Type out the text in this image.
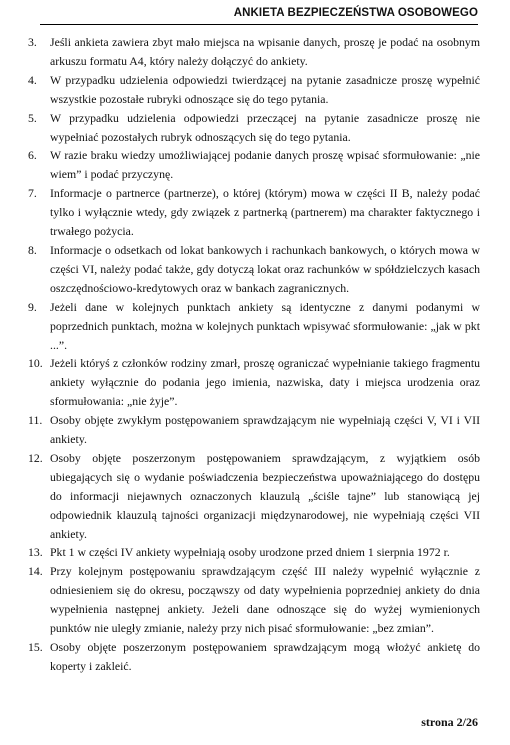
ANKIETA BEZPIECZEŃSTWA OSOBOWEGO
3.	Jeśli ankieta zawiera zbyt mało miejsca na wpisanie danych, proszę je podać na osobnym arkuszu formatu A4, który należy dołączyć do ankiety.
4.	W przypadku udzielenia odpowiedzi twierdzącej na pytanie zasadnicze proszę wypełnić wszystkie pozostałe rubryki odnoszące się do tego pytania.
5.	W przypadku udzielenia odpowiedzi przeczącej na pytanie zasadnicze proszę nie wypełniać pozostałych rubryk odnoszących się do tego pytania.
6.	W razie braku wiedzy umożliwiającej podanie danych proszę wpisać sformułowanie: „nie wiem” i podać przyczynę.
7.	Informacje o partnerce (partnerze), o której (którym) mowa w części II B, należy podać tylko i wyłącznie wtedy, gdy związek z partnerką (partnerem) ma charakter faktycznego i trwałego pożycia.
8.	Informacje o odsetkach od lokat bankowych i rachunkach bankowych, o których mowa w części VI, należy podać także, gdy dotyczą lokat oraz rachunków w spółdzielczych kasach oszczędnościowo-kredytowych oraz w bankach zagranicznych.
9.	Jeżeli dane w kolejnych punktach ankiety są identyczne z danymi podanymi w poprzednich punktach, można w kolejnych punktach wpisywać sformułowanie: „jak w pkt ...”.
10. Jeżeli któryś z członków rodziny zmarł, proszę ograniczać wypełnianie takiego fragmentu ankiety wyłącznie do podania jego imienia, nazwiska, daty i miejsca urodzenia oraz sformułowania: „nie żyje”.
11. Osoby objęte zwykłym postępowaniem sprawdzającym nie wypełniają części V, VI i VII ankiety.
12. Osoby objęte poszerzonym postępowaniem sprawdzającym, z wyjątkiem osób ubiegających się o wydanie poświadczenia bezpieczeństwa upoważniającego do dostępu do informacji niejawnych oznaczonych klauzulą „ściśle tajne” lub stanowiącą jej odpowiednik klauzulą tajności organizacji międzynarodowej, nie wypełniają części VII ankiety.
13. Pkt 1 w części IV ankiety wypełniają osoby urodzone przed dniem 1 sierpnia 1972 r.
14. Przy kolejnym postępowaniu sprawdzającym część III należy wypełnić wyłącznie z odniesieniem się do okresu, począwszy od daty wypełnienia poprzedniej ankiety do dnia wypełnienia następnej ankiety. Jeżeli dane odnoszące się do wyżej wymienionych punktów nie uległy zmianie, należy przy nich pisać sformułowanie: „bez zmian”.
15. Osoby objęte poszerzonym postępowaniem sprawdzającym mogą włożyć ankietę do koperty i zakleić.
strona 2/26
